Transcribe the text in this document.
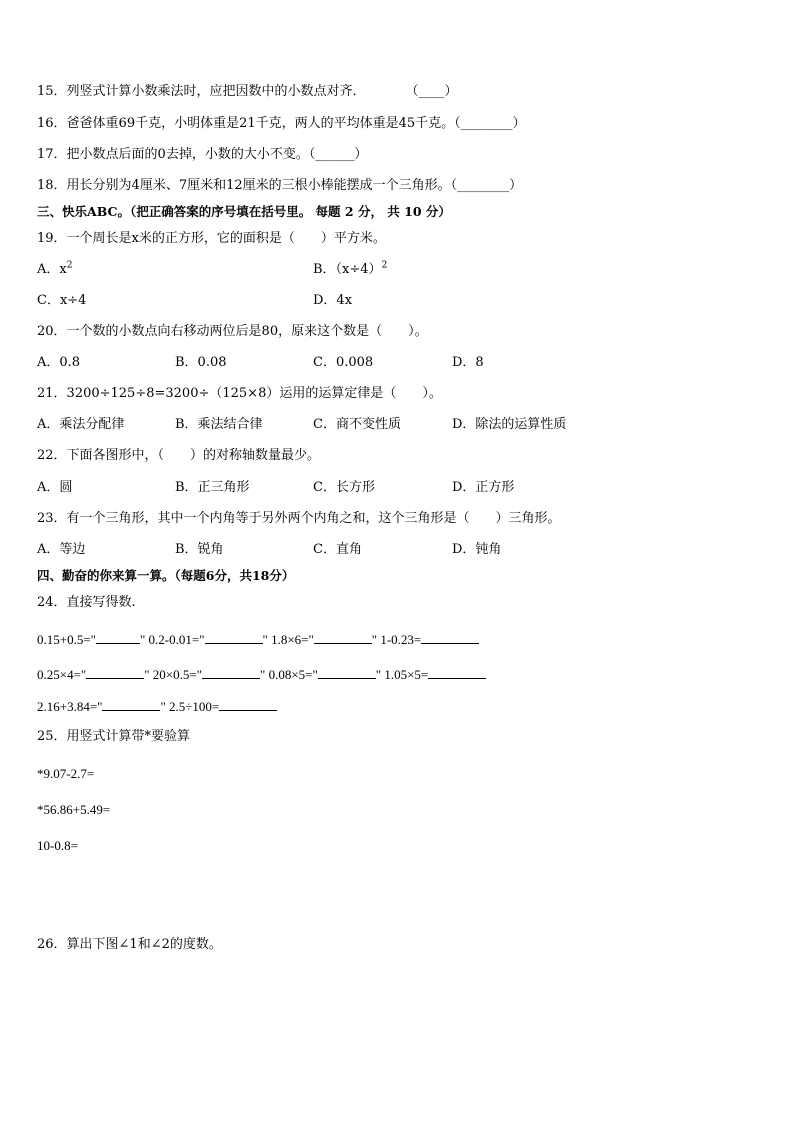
15．列竖式计算小数乘法时，应把因数中的小数点对齐．	（____）
16．爸爸体重69千克，小明体重是21千克，两人的平均体重是45千克。（________）
17．把小数点后面的0去掉，小数的大小不变。（______）
18．用长分别为4厘米、7厘米和12厘米的三根小棒能摆成一个三角形。（________）
三、快乐ABC。（把正确答案的序号填在括号里。 每题 2 分， 共 10 分）
19．一个周长是x米的正方形，它的面积是（　　）平方米。
A．$x^2$	B．$(x\div 4)^2$
C．x÷4	D．4x
20．一个数的小数点向右移动两位后是80，原来这个数是（　　）。
A．0.8	B．0.08	C．0.008	D．8
21．3200÷125÷8=3200÷（125×8）运用的运算定律是（　　）。
A．乘法分配律	B．乘法结合律	C．商不变性质	D．除法的运算性质
22．下面各图形中，（　　）的对称轴数量最少。
A．圆	B．正三角形	C．长方形	D．正方形
23．有一个三角形，其中一个内角等于另外两个内角之和，这个三角形是（　　）三角形。
A．等边	B．锐角	C．直角	D．钝角
四、勤奋的你来算一算。（每题6分，共18分）
24．直接写得数.
0.15+0.5="	" 0.2-0.01="	" 1.8×6="	" 1-0.23=
0.25×4="	" 20×0.5="	" 0.08×5="	" 1.05×5=
2.16+3.84="	" 2.5÷100=
25．用竖式计算带*要验算
*9.07-2.7=
*56.86+5.49=
10-0.8=
26．算出下图∠1和∠2的度数。
